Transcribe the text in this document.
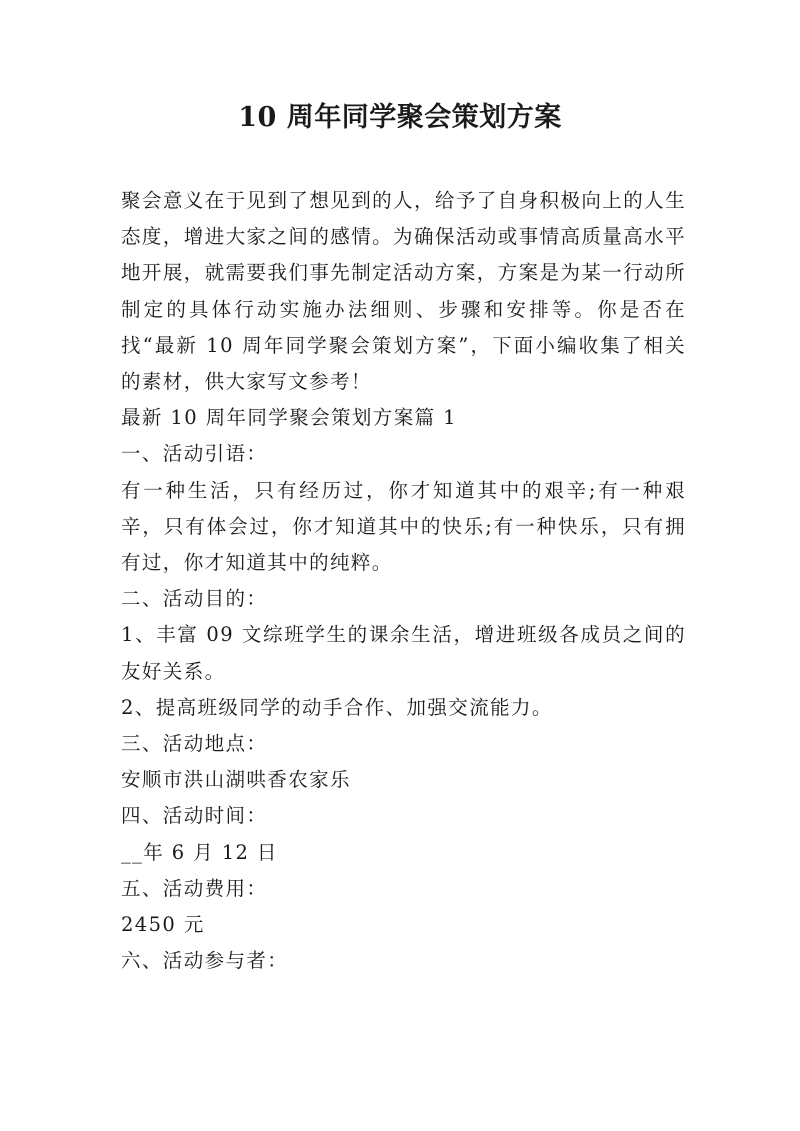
10 周年同学聚会策划方案

聚会意义在于见到了想见到的人，给予了自身积极向上的人生态度，增进大家之间的感情。为确保活动或事情高质量高水平地开展，就需要我们事先制定活动方案，方案是为某一行动所制定的具体行动实施办法细则、步骤和安排等。你是否在找“最新 10 周年同学聚会策划方案”，下面小编收集了相关的素材，供大家写文参考！

最新 10 周年同学聚会策划方案篇 1

一、活动引语：

有一种生活，只有经历过，你才知道其中的艰辛;有一种艰辛，只有体会过，你才知道其中的快乐;有一种快乐，只有拥有过，你才知道其中的纯粹。

二、活动目的：

1、丰富 09 文综班学生的课余生活，增进班级各成员之间的友好关系。

2、提高班级同学的动手合作、加强交流能力。

三、活动地点：

安顺市洪山湖哄香农家乐

四、活动时间：

__年 6 月 12 日

五、活动费用：

2450 元

六、活动参与者：
